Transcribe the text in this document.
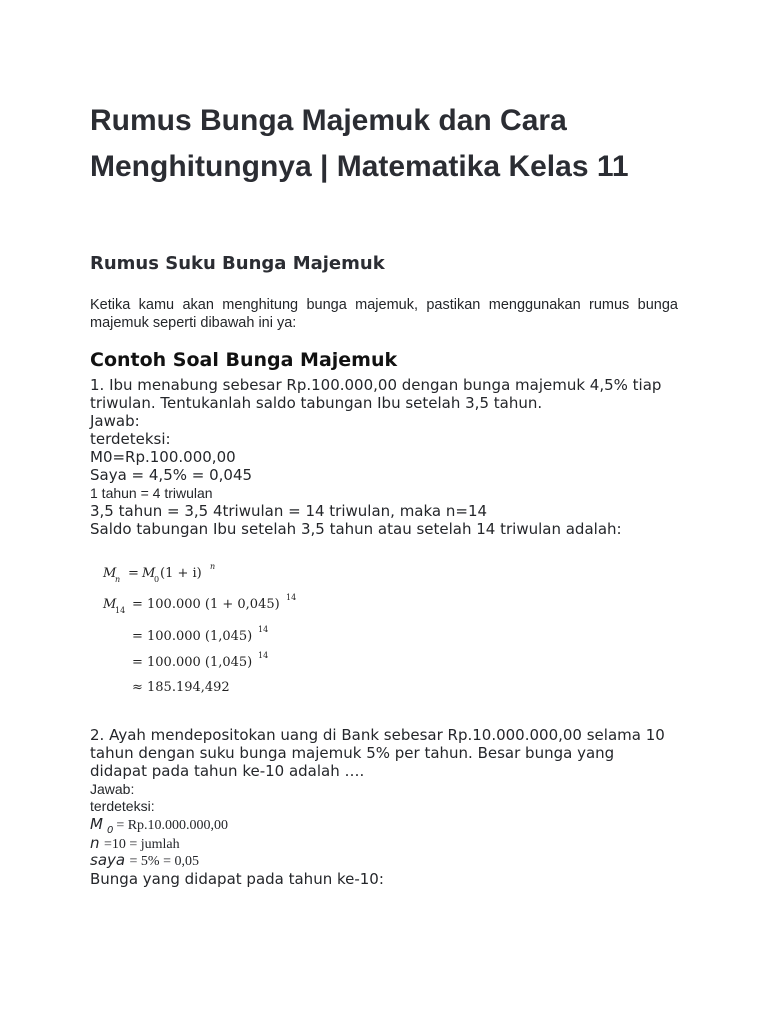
Rumus Bunga Majemuk dan Cara
Menghitungnya | Matematika Kelas 11
Rumus Suku Bunga Majemuk

Ketika kamu akan menghitung bunga majemuk, pastikan menggunakan rumus bunga majemuk seperti dibawah ini ya:

Contoh Soal Bunga Majemuk

1. Ibu menabung sebesar Rp.100.000,00 dengan bunga majemuk 4,5% tiap

triwulan. Tentukanlah saldo tabungan Ibu setelah 3,5 tahun.

Jawab:

terdeteksi:

M0=Rp.100.000,00

Saya = 4,5% = 0,045

1 tahun = 4 triwulan

3,5 tahun = 3,5 4triwulan = 14 triwulan, maka n=14

Saldo tabungan Ibu setelah 3,5 tahun atau setelah 14 triwulan adalah:

M
n = M
0 (1 + i) n
M
14 = 100.000 (1 + 0,045) 14
= 100.000 (1,045) 14
= 100.000 (1,045) 14
≈ 185.194,492

2. Ayah mendepositokan uang di Bank sebesar Rp.10.000.000,00 selama 10

tahun dengan suku bunga majemuk 5% per tahun. Besar bunga yang

didapat pada tahun ke-10 adalah ….

Jawab:

terdeteksi:

M $_0$ = Rp.10.000.000,00

n =10 = jumlah

saya = 5% = 0,05

Bunga yang didapat pada tahun ke-10:
